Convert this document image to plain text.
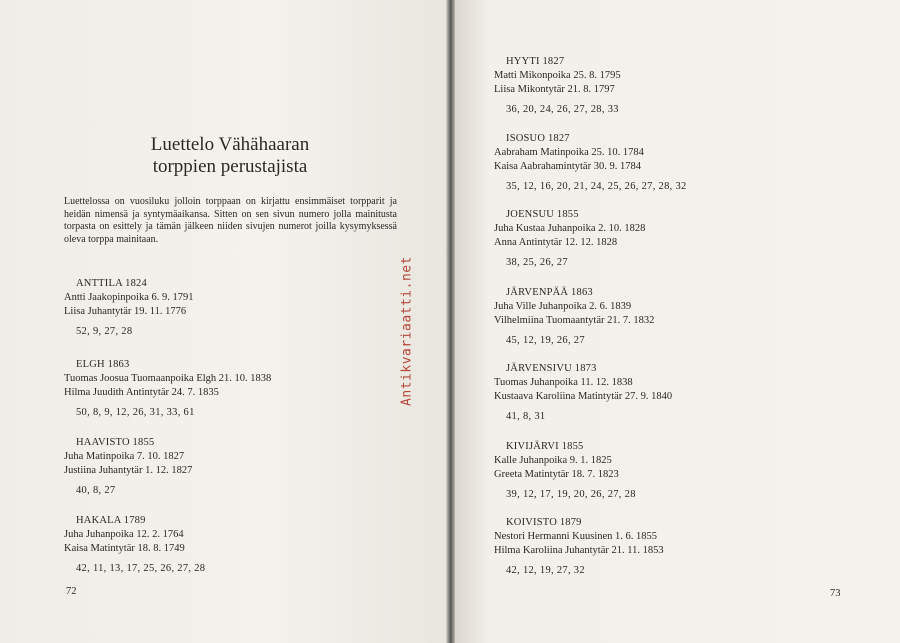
Luettelo Vähähaaran
torppien perustajista
Luettelossa on vuosiluku jolloin torppaan on kirjattu ensimmäiset torpparit ja heidän nimensä ja syntymäaikansa. Sitten on sen sivun numero jolla mainitusta torpasta on esittely ja tämän jälkeen niiden sivujen numerot joilla kysymyksessä oleva torppa mainitaan.
ANTTILA 1824
Antti Jaakopinpoika 6. 9. 1791
Liisa Juhantytär 19. 11. 1776
52, 9, 27, 28
ELGH 1863
Tuomas Joosua Tuomaanpoika Elgh 21. 10. 1838
Hilma Juudith Antintytär 24. 7. 1835
50, 8, 9, 12, 26, 31, 33, 61
HAAVISTO 1855
Juha Matinpoika 7. 10. 1827
Justiina Juhantytär 1. 12. 1827
40, 8, 27
HAKALA 1789
Juha Juhanpoika 12. 2. 1764
Kaisa Matintytär 18. 8. 1749
42, 11, 13, 17, 25, 26, 27, 28
72
Antikvariaatti.net
HYYTI 1827
Matti Mikonpoika 25. 8. 1795
Liisa Mikontytär 21. 8. 1797
36, 20, 24, 26, 27, 28, 33
ISOSUO 1827
Aabraham Matinpoika 25. 10. 1784
Kaisa Aabrahamintytär 30. 9. 1784
35, 12, 16, 20, 21, 24, 25, 26, 27, 28, 32
JOENSUU 1855
Juha Kustaa Juhanpoika 2. 10. 1828
Anna Antintytär 12. 12. 1828
38, 25, 26, 27
JÄRVENPÄÄ 1863
Juha Ville Juhanpoika 2. 6. 1839
Vilhelmiina Tuomaantytär 21. 7. 1832
45, 12, 19, 26, 27
JÄRVENSIVU 1873
Tuomas Juhanpoika 11. 12. 1838
Kustaava Karoliina Matintytär 27. 9. 1840
41, 8, 31
KIVIJÄRVI 1855
Kalle Juhanpoika 9. 1. 1825
Greeta Matintytär 18. 7. 1823
39, 12, 17, 19, 20, 26, 27, 28
KOIVISTO 1879
Nestori Hermanni Kuusinen 1. 6. 1855
Hilma Karoliina Juhantytär 21. 11. 1853
42, 12, 19, 27, 32
73
